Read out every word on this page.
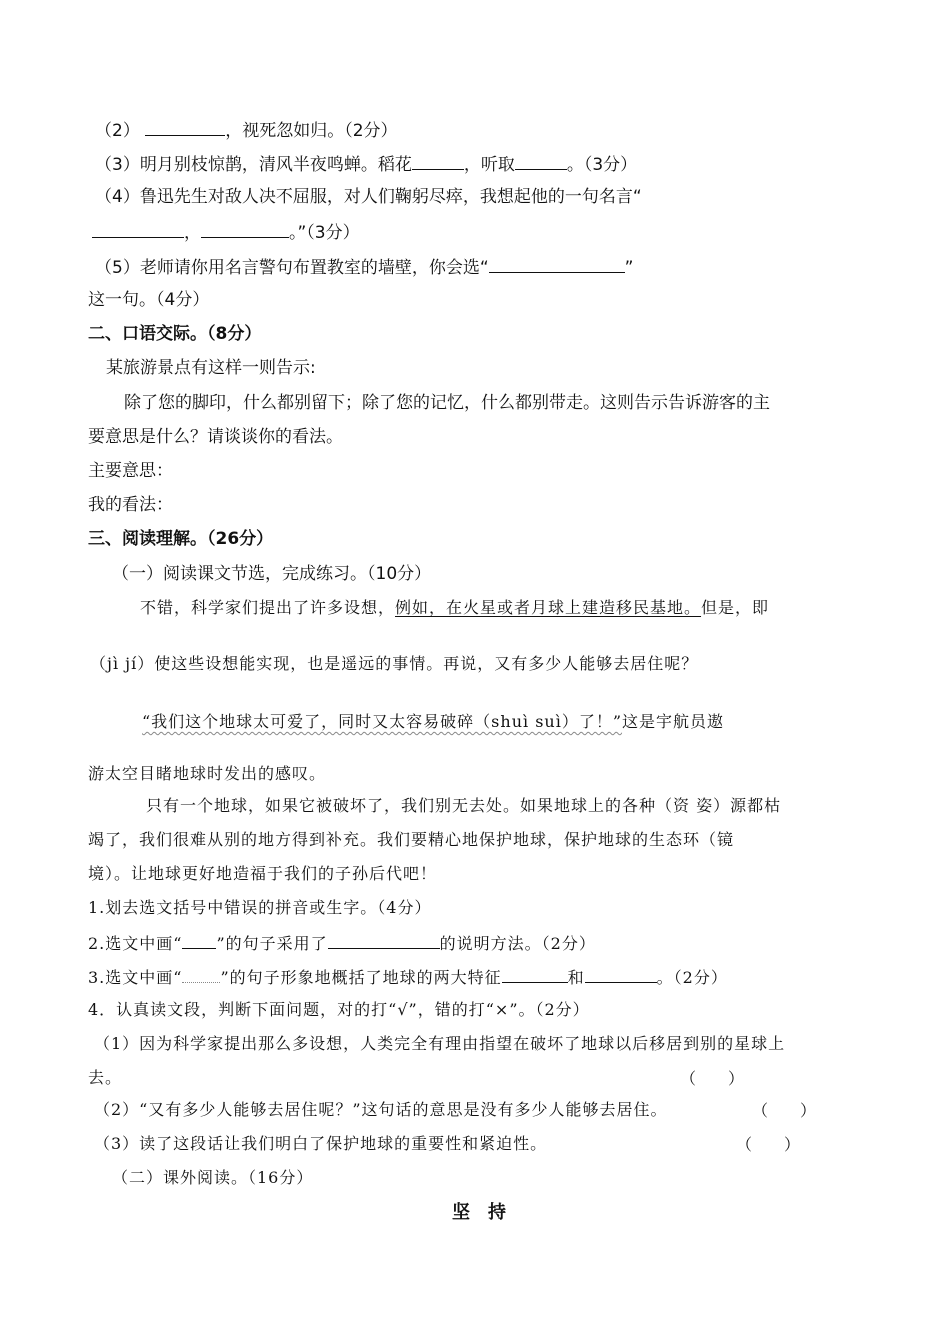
（2）	，视死忽如归。（2分）
（3）明月别枝惊鹊，清风半夜鸣蝉。稻花	，听取	。（3分）
（4）鲁迅先生对敌人决不屈服，对人们鞠躬尽瘁，我想起他的一句名言“
，	。”（3分）
（5）老师请你用名言警句布置教室的墙壁，你会选“	”
这一句。（4分）
二、口语交际。（8分）
某旅游景点有这样一则告示:
除了您的脚印，什么都别留下；除了您的记忆，什么都别带走。这则告示告诉游客的主
要意思是什么？请谈谈你的看法。
主要意思：
我的看法：
三、阅读理解。（26分）
（一）阅读课文节选，完成练习。（10分）
不错，科学家们提出了许多设想，例如，在火星或者月球上建造移民基地。但是，即
（jì jí）使这些设想能实现，也是遥远的事情。再说，又有多少人能够去居住呢？
“我们这个地球太可爱了，同时又太容易破碎（shuì suì）了！”这是宇航员遨
游太空目睹地球时发出的感叹。
只有一个地球，如果它被破坏了，我们别无去处。如果地球上的各种（资 姿）源都枯
竭了，我们很难从别的地方得到补充。我们要精心地保护地球，保护地球的生态环（镜
境）。让地球更好地造福于我们的子孙后代吧！
1.划去选文括号中错误的拼音或生字。（4分）
2.选文中画“ ”的句子采用了	的说明方法。（2分）
3.选文中画“ ”的句子形象地概括了地球的两大特征	和	。（2分）
4．认真读文段，判断下面问题，对的打“√”，错的打“×”。（2分）
（1）因为科学家提出那么多设想，人类完全有理由指望在破坏了地球以后移居到别的星球上
去。	（　　）
（2）“又有多少人能够去居住呢？”这句话的意思是没有多少人能够去居住。	（　　）
（3）读了这段话让我们明白了保护地球的重要性和紧迫性。	（　　）
（二）课外阅读。（16分）
坚持
